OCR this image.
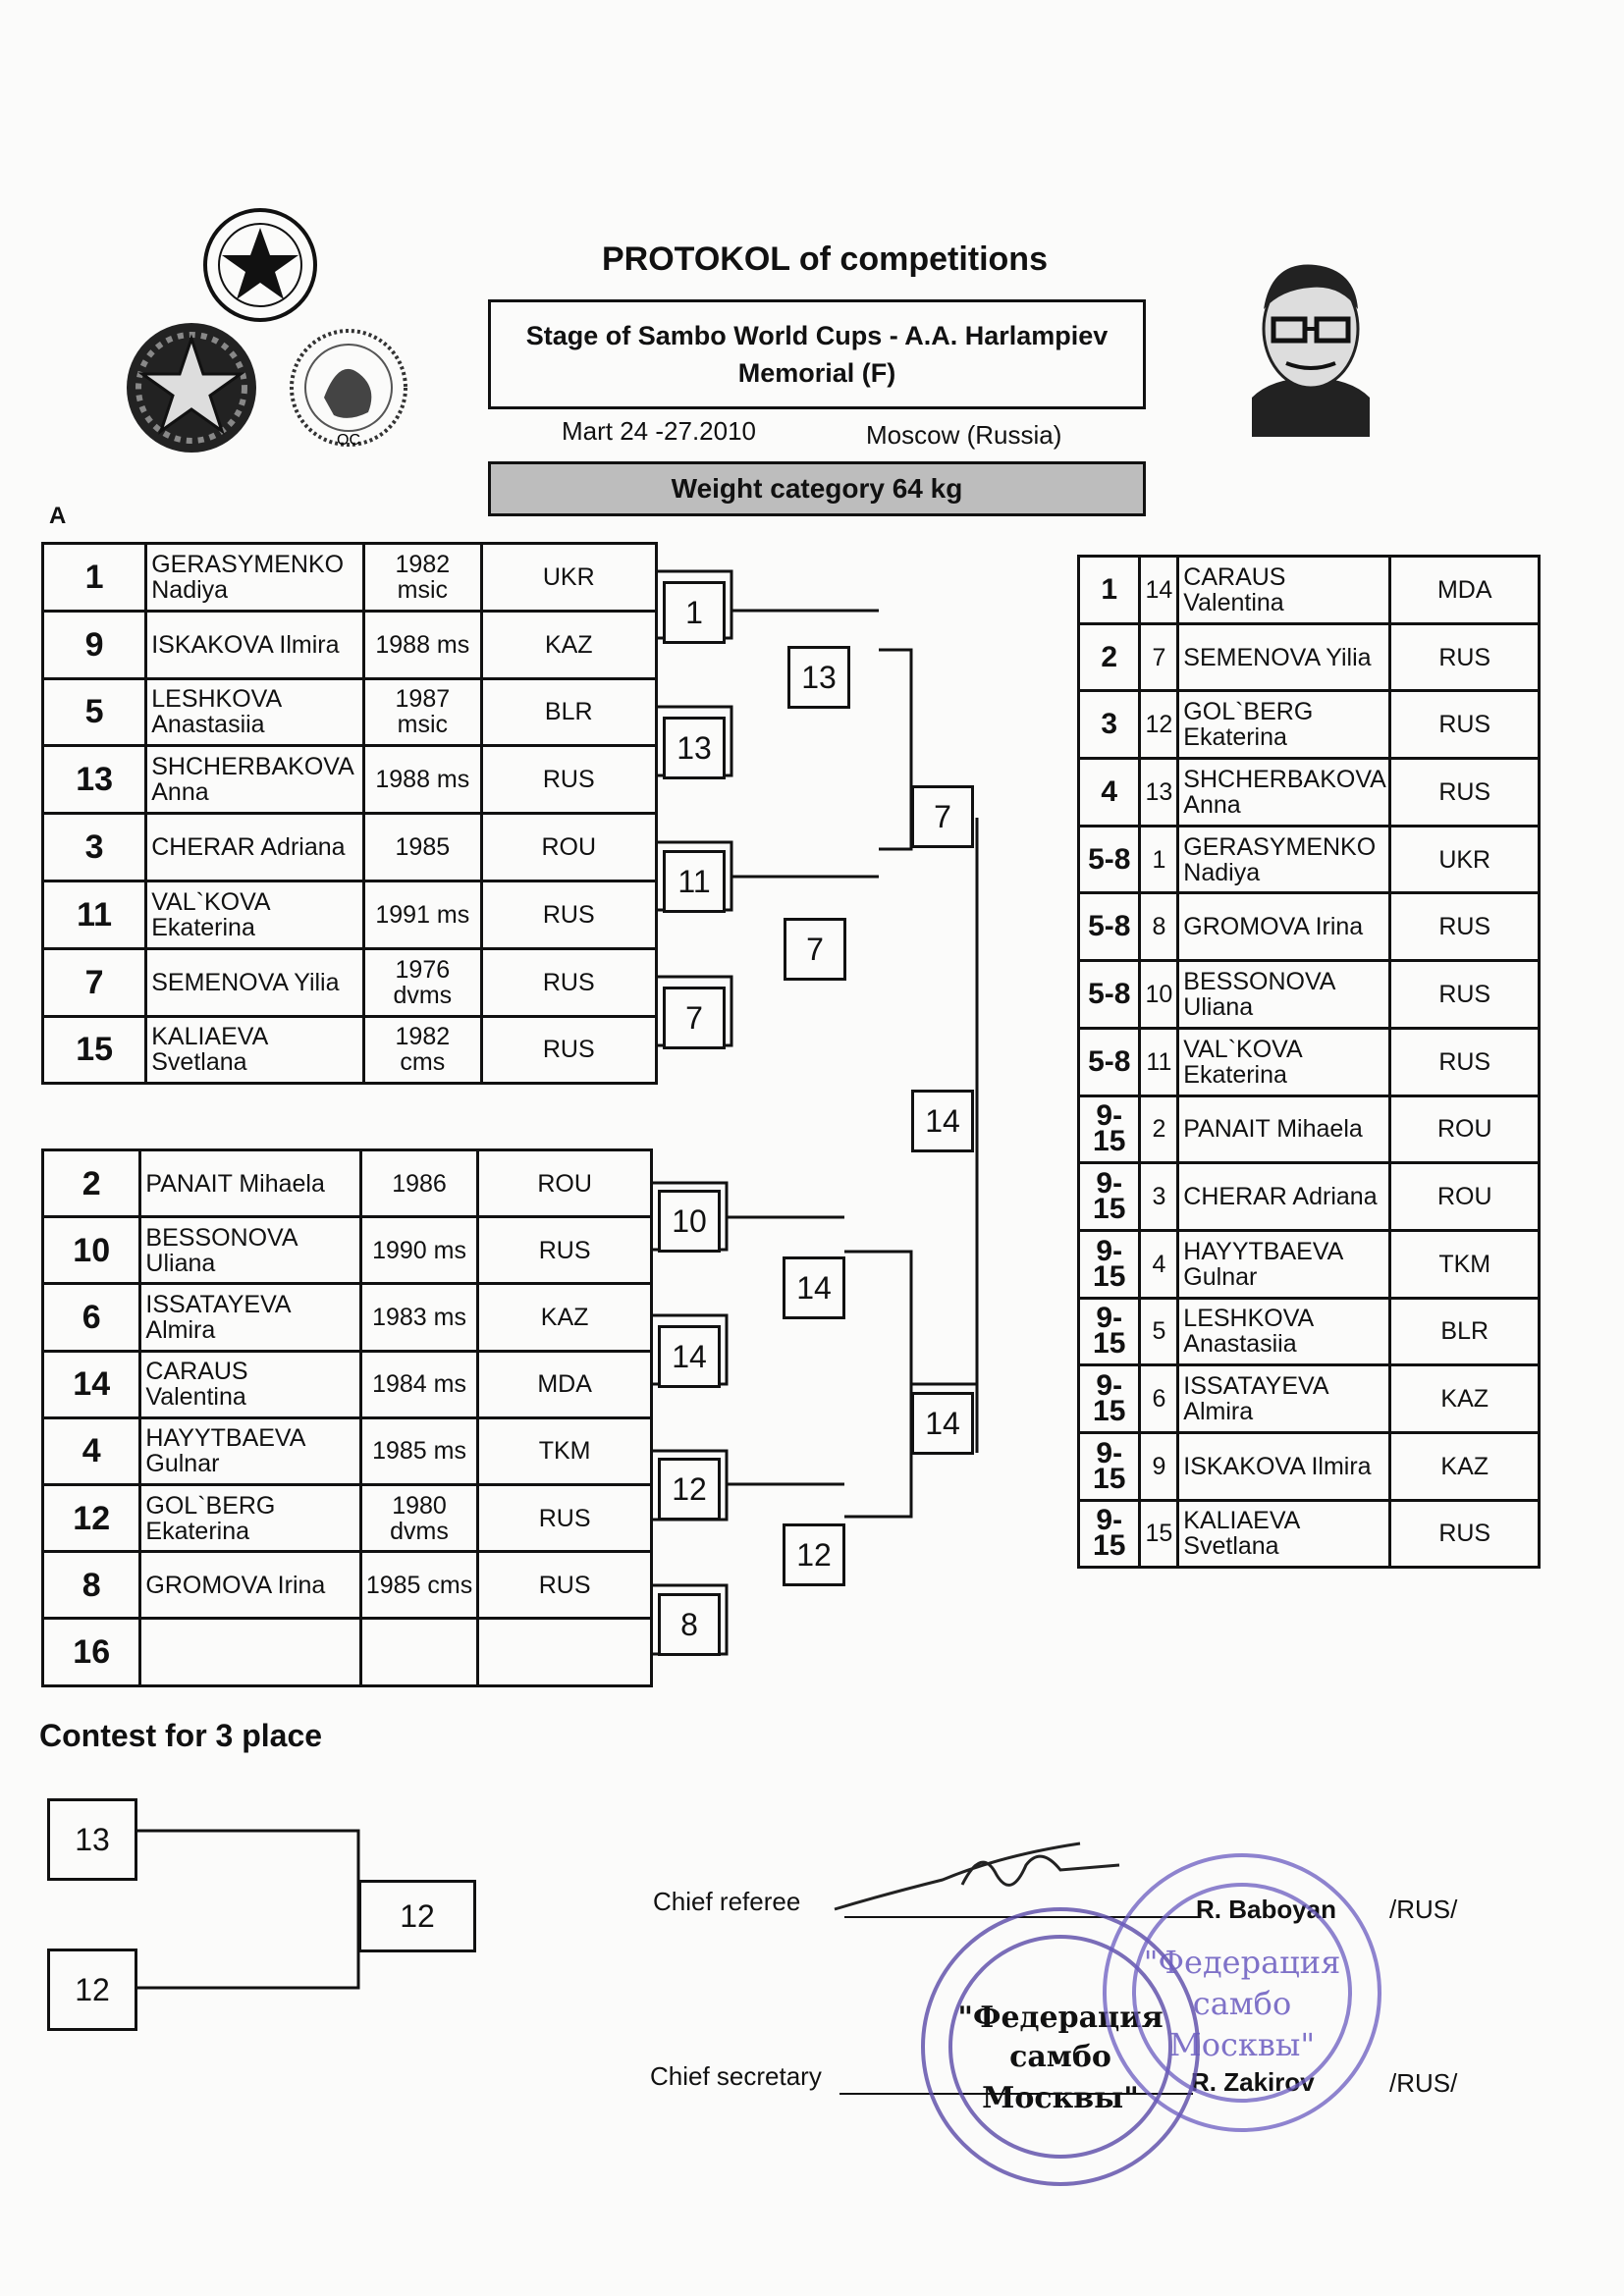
OC
PROTOKOL of competitions
Stage of Sambo World Cups - A.A. Harlampiev
Memorial (F)
Mart 24 -27.2010	Moscow (Russia)
Weight category 64 kg
A
1	GERASYMENKO Nadiya	1982 msic	UKR
9	ISKAKOVA Ilmira	1988 ms	KAZ
5	LESHKOVA Anastasiia	1987 msic	BLR
13	SHCHERBAKOVA Anna	1988 ms	RUS
3	CHERAR Adriana	1985	ROU
11	VAL`KOVA Ekaterina	1991 ms	RUS
7	SEMENOVA Yilia	1976 dvms	RUS
15	KALIAEVA Svetlana	1982 cms	RUS
2	PANAIT Mihaela	1986	ROU
10	BESSONOVA Uliana	1990 ms	RUS
6	ISSATAYEVA Almira	1983 ms	KAZ
14	CARAUS Valentina	1984 ms	MDA
4	HAYYTBAEVA Gulnar	1985 ms	TKM
12	GOL`BERG Ekaterina	1980 dvms	RUS
8	GROMOVA Irina	1985 cms	RUS
16			
1
13
11
7
10
14
12
8
13
7
14
12
7
14
14
1	14	CARAUS Valentina	MDA
2	7	SEMENOVA Yilia	RUS
3	12	GOL`BERG Ekaterina	RUS
4	13	SHCHERBAKOVA Anna	RUS
5-8	1	GERASYMENKO Nadiya	UKR
5-8	8	GROMOVA Irina	RUS
5-8	10	BESSONOVA Uliana	RUS
5-8	11	VAL`KOVA Ekaterina	RUS
9-15	2	PANAIT Mihaela	ROU
9-15	3	CHERAR Adriana	ROU
9-15	4	HAYYTBAEVA Gulnar	TKM
9-15	5	LESHKOVA Anastasiia	BLR
9-15	6	ISSATAYEVA Almira	KAZ
9-15	9	ISKAKOVA Ilmira	KAZ
9-15	15	KALIAEVA Svetlana	RUS
Contest for 3 place
13
12
12	Chief referee	R. Baboyan /RUS/
Chief secretary	R. Zakirov	/RUS/
"Федерация
самбо
Москвы"
"Федерация
самбо
Москвы"
